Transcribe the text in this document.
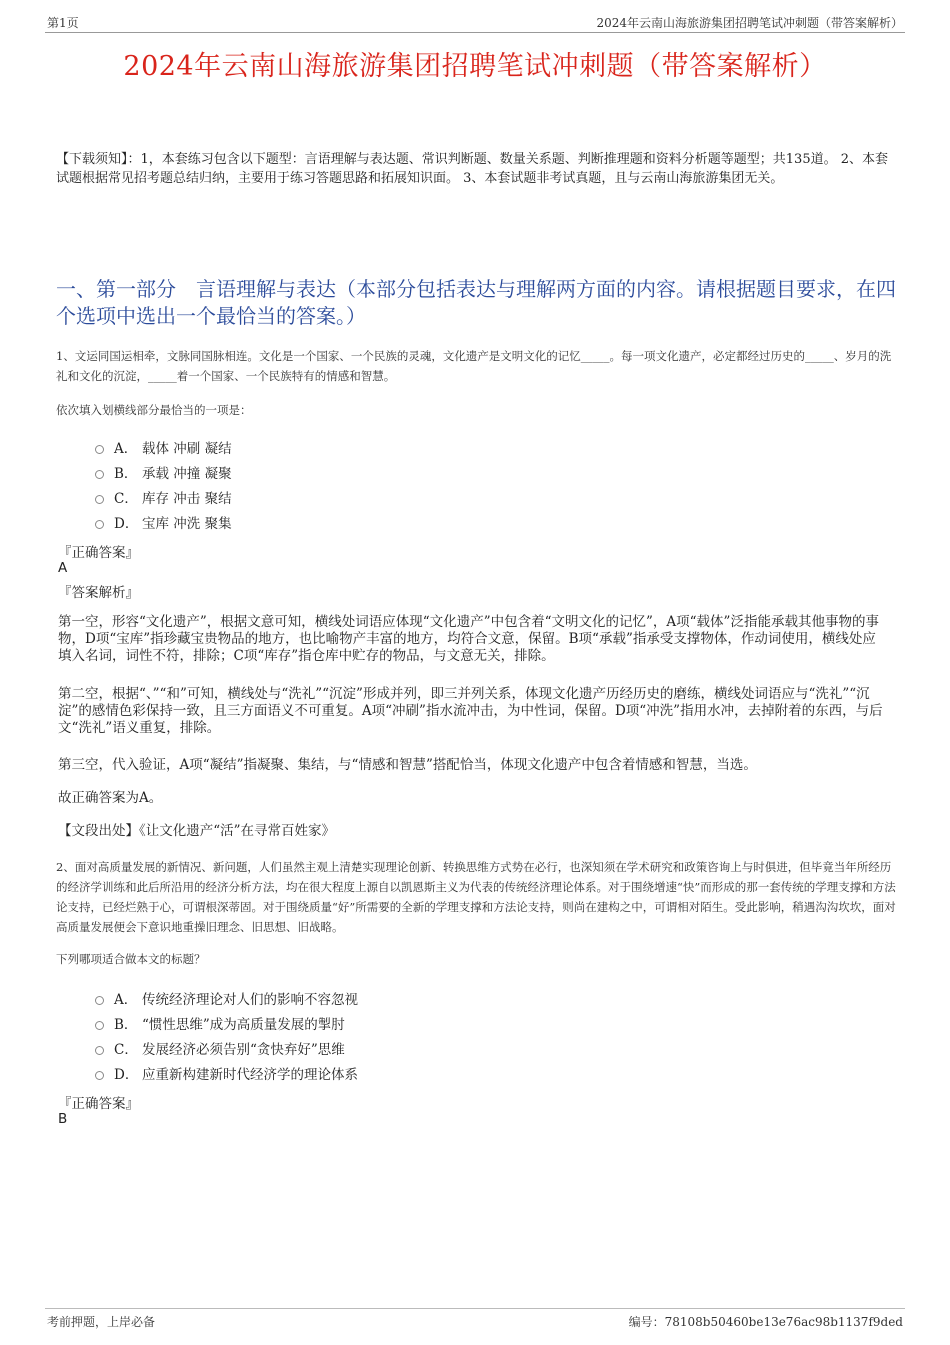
第1页	2024年云南山海旅游集团招聘笔试冲刺题（带答案解析）
2024年云南山海旅游集团招聘笔试冲刺题（带答案解析）
【下载须知】：1，本套练习包含以下题型：言语理解与表达题、常识判断题、数量关系题、判断推理题和资料分析题等题型；共135道。 2、本套试题根据常见招考题总结归纳，主要用于练习答题思路和拓展知识面。 3、本套试题非考试真题，且与云南山海旅游集团无关。
一、第一部分　言语理解与表达（本部分包括表达与理解两方面的内容。请根据题目要求，在四个选项中选出一个最恰当的答案。）
1、文运同国运相牵，文脉同国脉相连。文化是一个国家、一个民族的灵魂，文化遗产是文明文化的记忆_____。每一项文化遗产，必定都经过历史的_____、岁月的洗礼和文化的沉淀，_____着一个国家、一个民族特有的情感和智慧。
依次填入划横线部分最恰当的一项是：
A． 载体 冲刷 凝结
B． 承载 冲撞 凝聚
C． 库存 冲击 聚结
D． 宝库 冲洗 聚集
『正确答案』
A
『答案解析』
第一空，形容“文化遗产”，根据文意可知，横线处词语应体现“文化遗产”中包含着“文明文化的记忆”，A项“载体”泛指能承载其他事物的事物，D项“宝库”指珍藏宝贵物品的地方，也比喻物产丰富的地方，均符合文意，保留。B项“承载”指承受支撑物体，作动词使用，横线处应填入名词，词性不符，排除；C项“库存”指仓库中贮存的物品，与文意无关，排除。
第二空，根据“、”“和”可知，横线处与“洗礼”“沉淀”形成并列，即三并列关系，体现文化遗产历经历史的磨练，横线处词语应与“洗礼”“沉淀”的感情色彩保持一致，且三方面语义不可重复。A项“冲刷”指水流冲击，为中性词，保留。D项“冲洗”指用水冲，去掉附着的东西，与后文“洗礼”语义重复，排除。
第三空，代入验证，A项“凝结”指凝聚、集结，与“情感和智慧”搭配恰当，体现文化遗产中包含着情感和智慧，当选。
故正确答案为A。
【文段出处】《让文化遗产“活”在寻常百姓家》
2、面对高质量发展的新情况、新问题，人们虽然主观上清楚实现理论创新、转换思维方式势在必行，也深知须在学术研究和政策咨询上与时俱进，但毕竟当年所经历的经济学训练和此后所沿用的经济分析方法，均在很大程度上源自以凯恩斯主义为代表的传统经济理论体系。对于围绕增速“快”而形成的那一套传统的学理支撑和方法论支持，已经烂熟于心，可谓根深蒂固。对于围绕质量“好”所需要的全新的学理支撑和方法论支持，则尚在建构之中，可谓相对陌生。受此影响，稍遇沟沟坎坎，面对高质量发展便会下意识地重操旧理念、旧思想、旧战略。
下列哪项适合做本文的标题？
A． 传统经济理论对人们的影响不容忽视
B． “惯性思维”成为高质量发展的掣肘
C． 发展经济必须告别“贪快弃好”思维
D． 应重新构建新时代经济学的理论体系
『正确答案』
B
考前押题，上岸必备	编号：78108b50460be13e76ac98b1137f9ded
